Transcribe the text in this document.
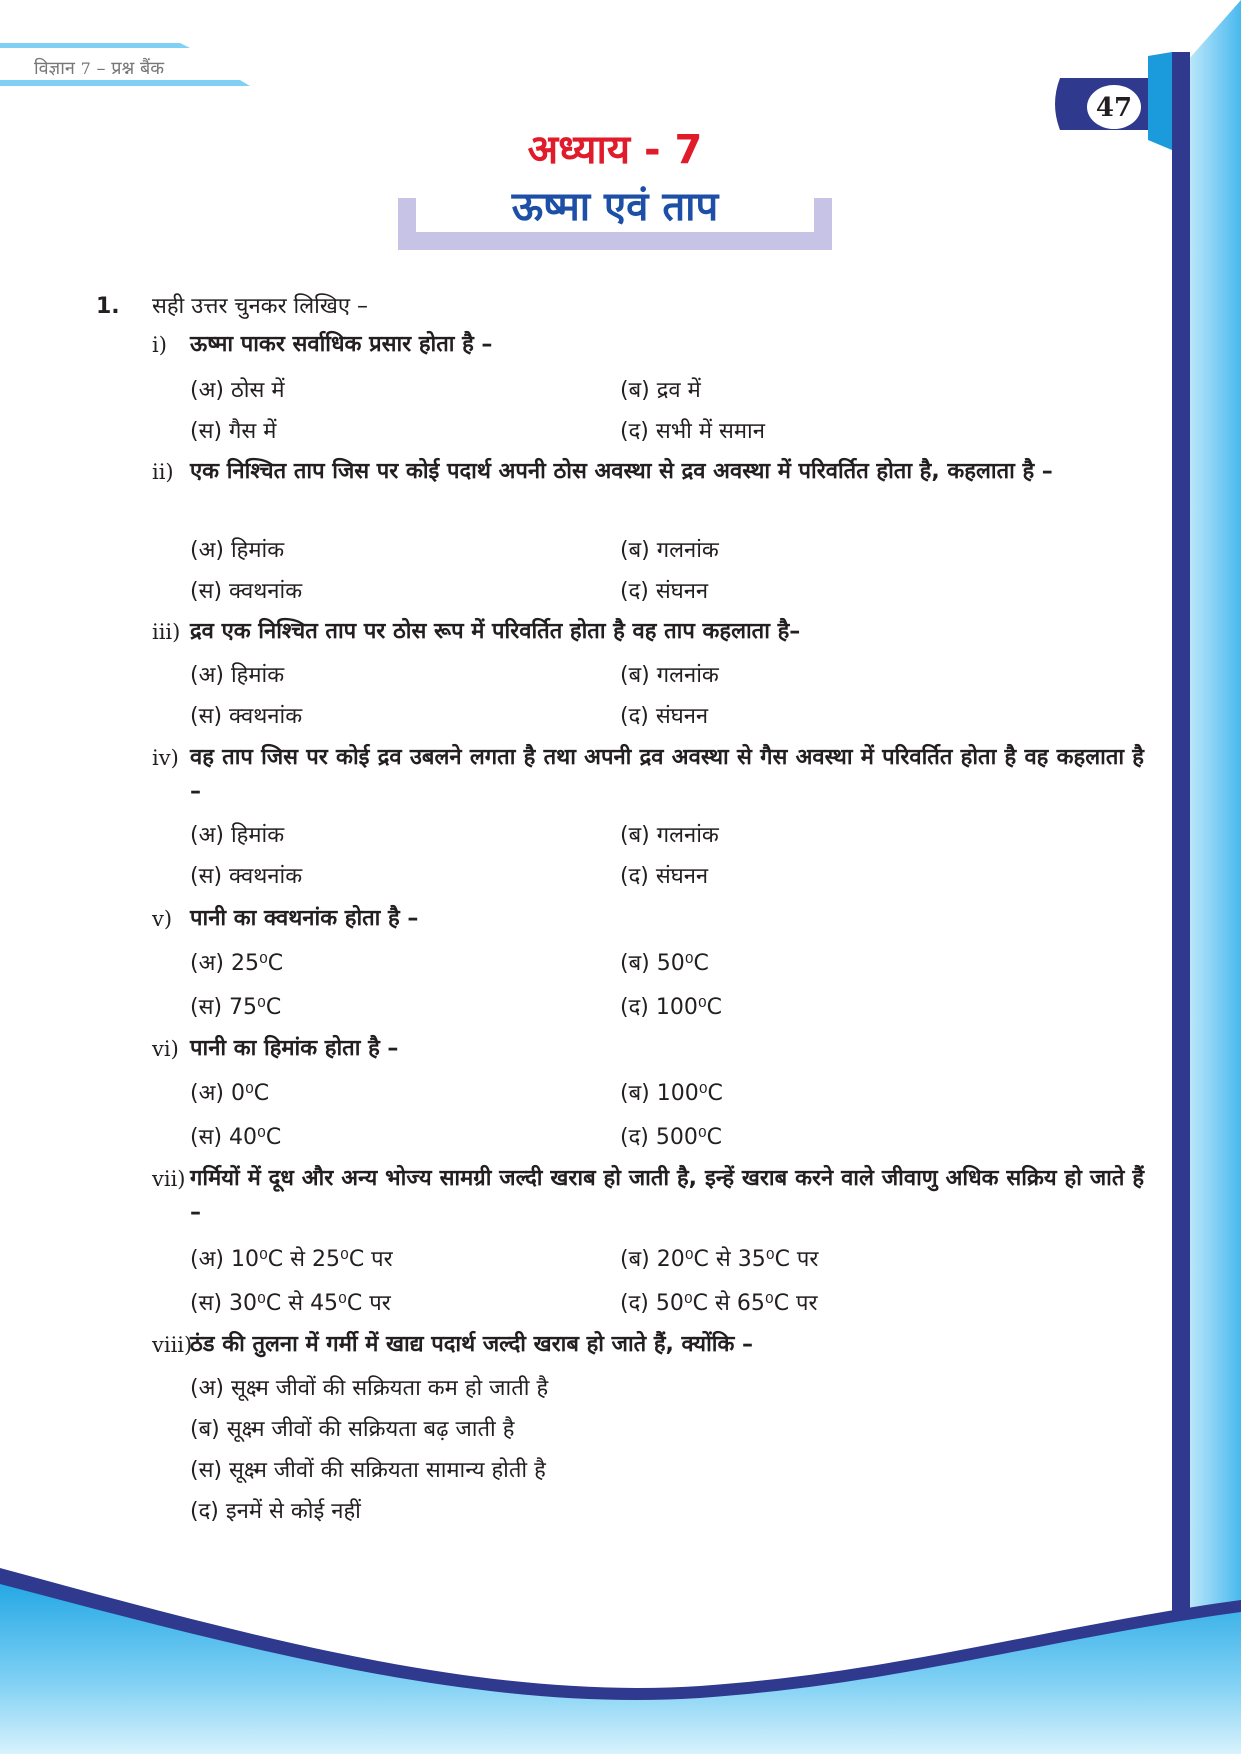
विज्ञान 7 – प्रश्न बैंक
47
अध्याय - 7
ऊष्मा एवं ताप
1. सही उत्तर चुनकर लिखिए –
i)	ऊष्मा पाकर सर्वाधिक प्रसार होता है –
(अ) ठोस में	(ब) द्रव में
(स) गैस में	(द) सभी में समान
ii) एक निश्चित ताप जिस पर कोई पदार्थ अपनी ठोस अवस्था से द्रव अवस्था में परिवर्तित होता है, कहलाता है –
(अ) हिमांक	(ब) गलनांक
(स) क्वथनांक	(द) संघनन
iii) द्रव एक निश्चित ताप पर ठोस रूप में परिवर्तित होता है वह ताप कहलाता है–
(अ) हिमांक	(ब) गलनांक
(स) क्वथनांक	(द) संघनन
iv) वह ताप जिस पर कोई द्रव उबलने लगता है तथा अपनी द्रव अवस्था से गैस अवस्था में परिवर्तित होता है वह कहलाता है –
(अ) हिमांक	(ब) गलनांक
(स) क्वथनांक	(द) संघनन
v) पानी का क्वथनांक होता है –
(अ) 25⁰C	(ब) 50⁰C
(स) 75⁰C	(द) 100⁰C
vi) पानी का हिमांक होता है –
(अ) 0⁰C	(ब) 100⁰C
(स) 40⁰C	(द) 500⁰C
vii) गर्मियों में दूध और अन्य भोज्य सामग्री जल्दी खराब हो जाती है, इन्हें खराब करने वाले जीवाणु अधिक सक्रिय हो जाते हैं –
(अ) 10⁰C से 25⁰C पर	(ब) 20⁰C से 35⁰C पर
(स) 30⁰C से 45⁰C पर	(द) 50⁰C से 65⁰C पर
viii)
ठंड की तुलना में गर्मी में खाद्य पदार्थ जल्दी खराब हो जाते हैं, क्योंकि –
(अ) सूक्ष्म जीवों की सक्रियता कम हो जाती है
(ब) सूक्ष्म जीवों की सक्रियता बढ़ जाती है
(स) सूक्ष्म जीवों की सक्रियता सामान्य होती है
(द) इनमें से कोई नहीं
